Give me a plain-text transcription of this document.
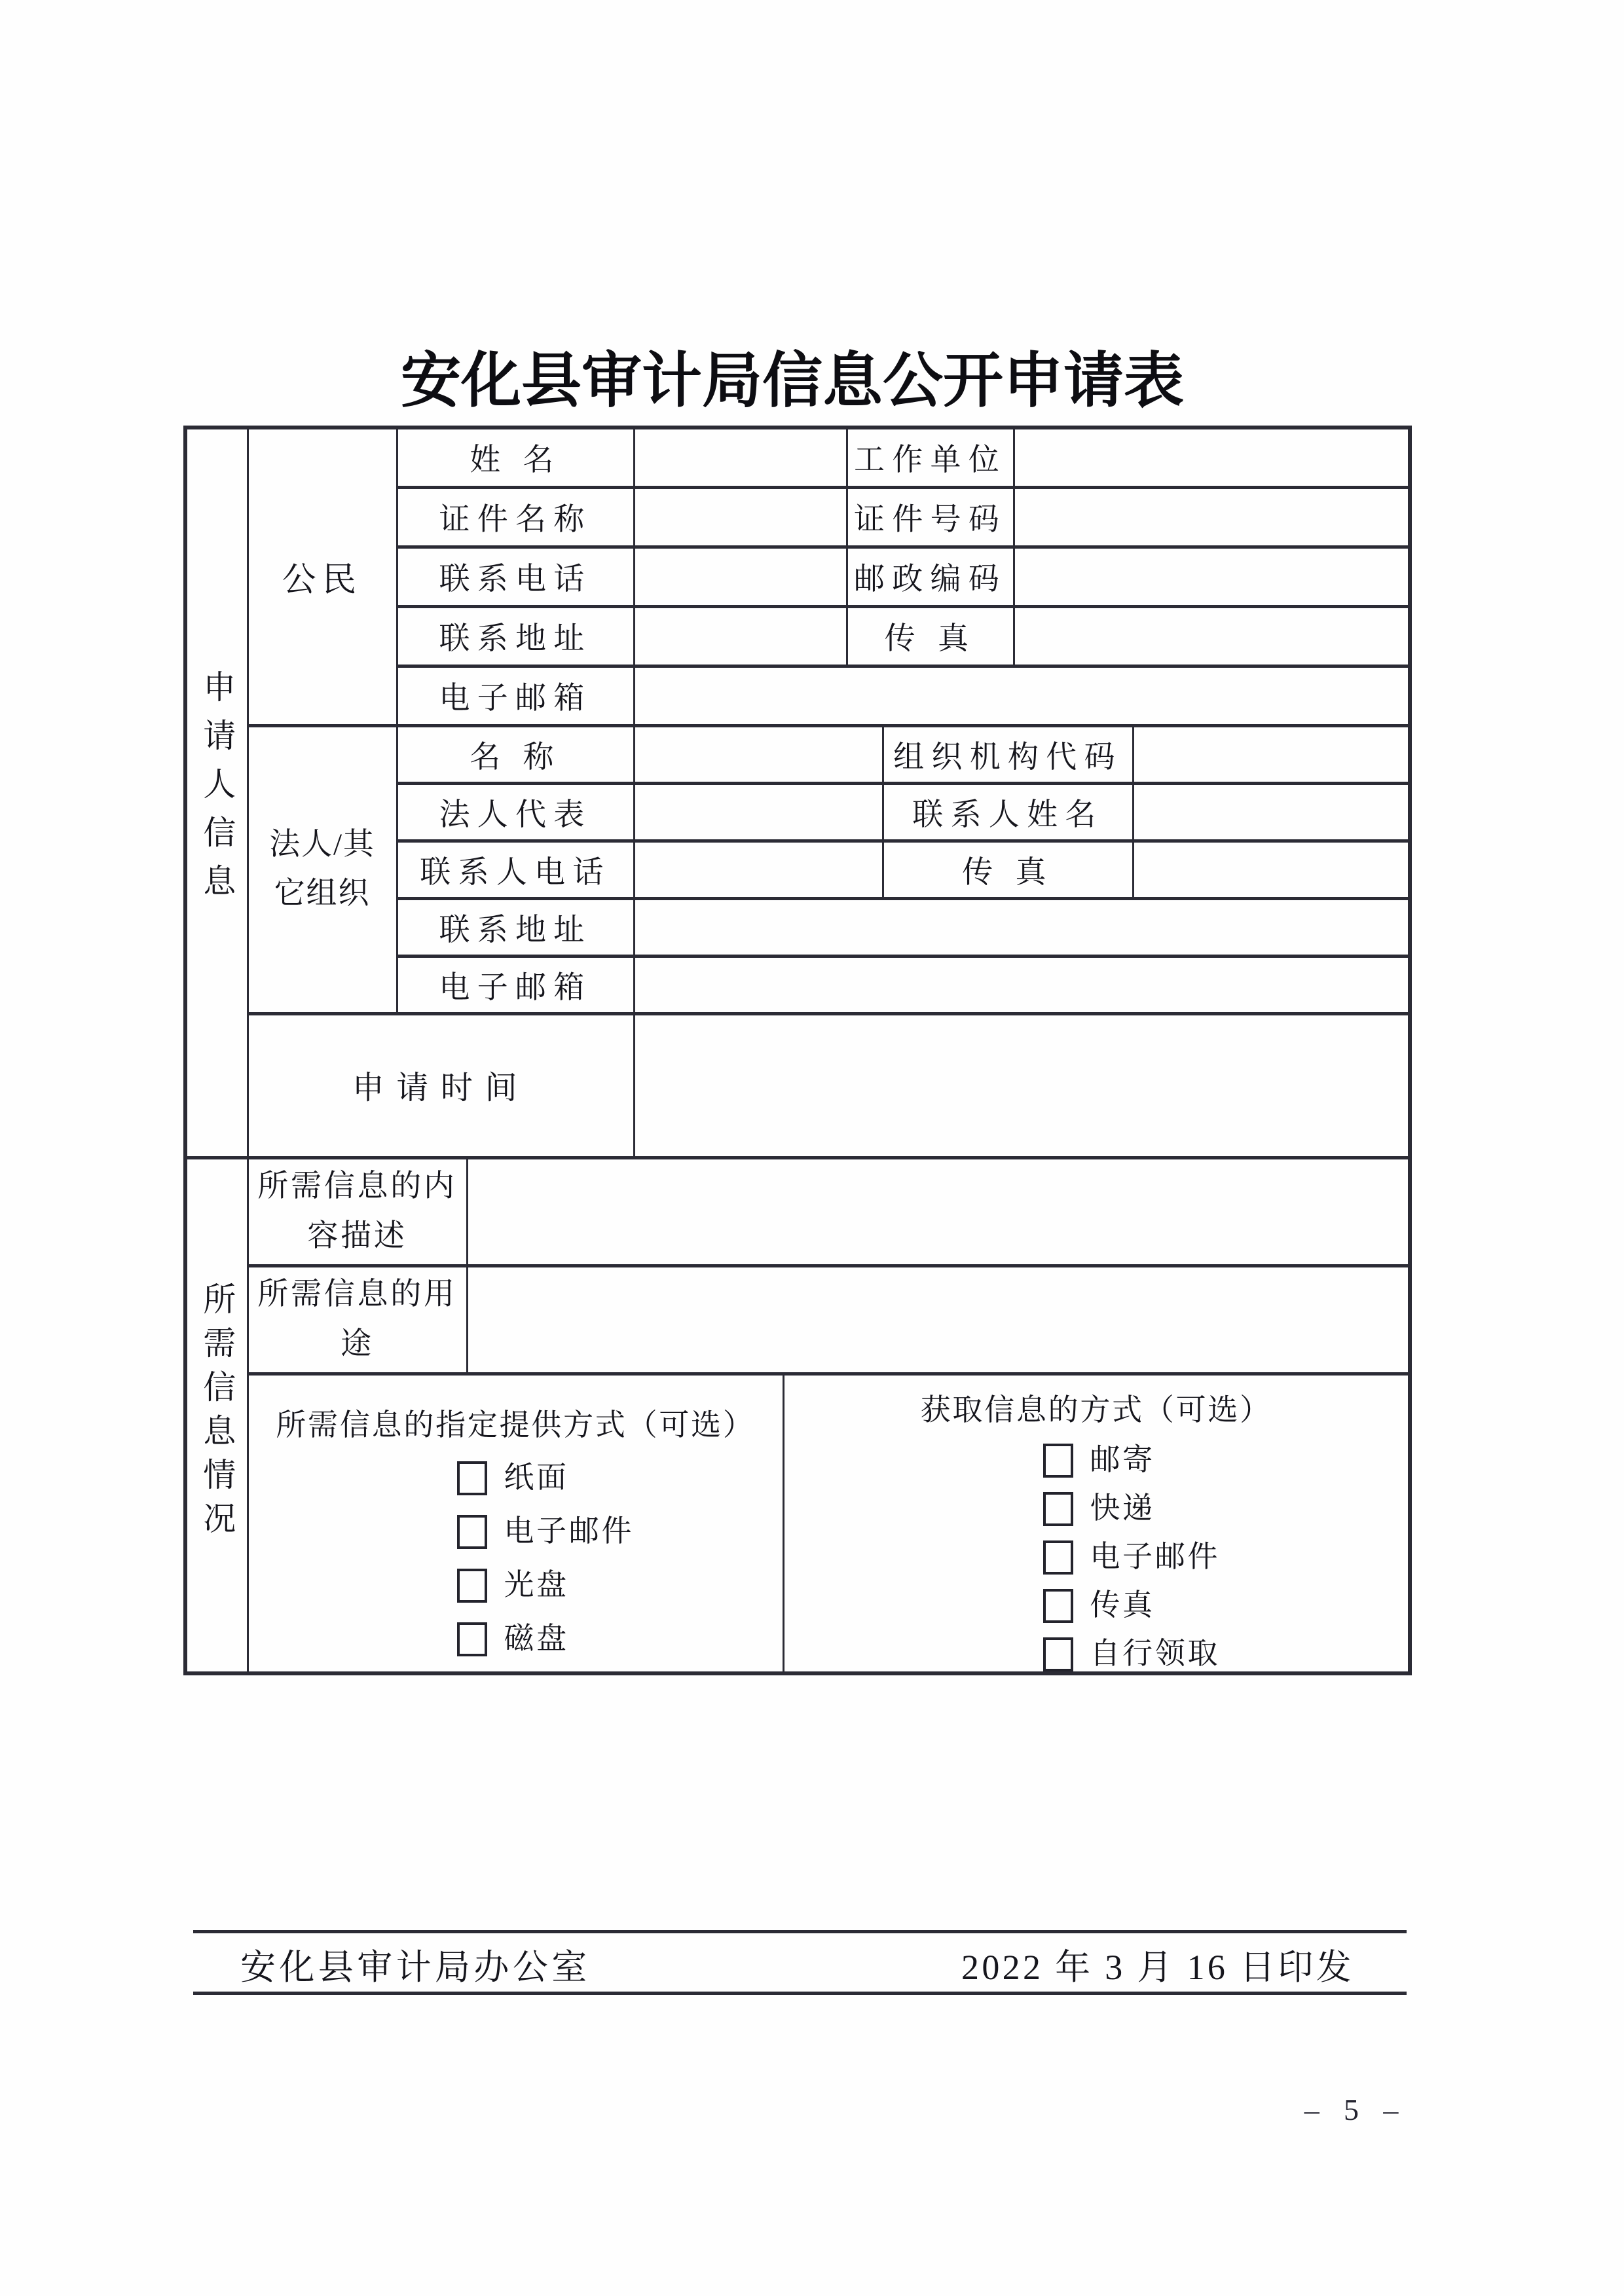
安化县审计局信息公开申请表
申请人信息	公民	姓 名				工作单位			
		证件名称				证件号码			
		联系电话				邮政编码			
		联系地址				传 真			
		电子邮箱							

	法人/其它组织	名 称					组织机构代码		
		法人代表					联系人姓名		
		联系人电话					传 真		
		联系地址							
		电子邮箱							
	申请时间								
所需信息情况	所需信息的内容描述								
	所需信息的用途								

所需信息的指定提供方式（可选）
纸面
电子邮件
光盘
磁盘

获取信息的方式（可选）
邮寄
快递
电子邮件
传真
自行领取
安化县审计局办公室	2022 年 3 月 16 日印发
– 5 –
